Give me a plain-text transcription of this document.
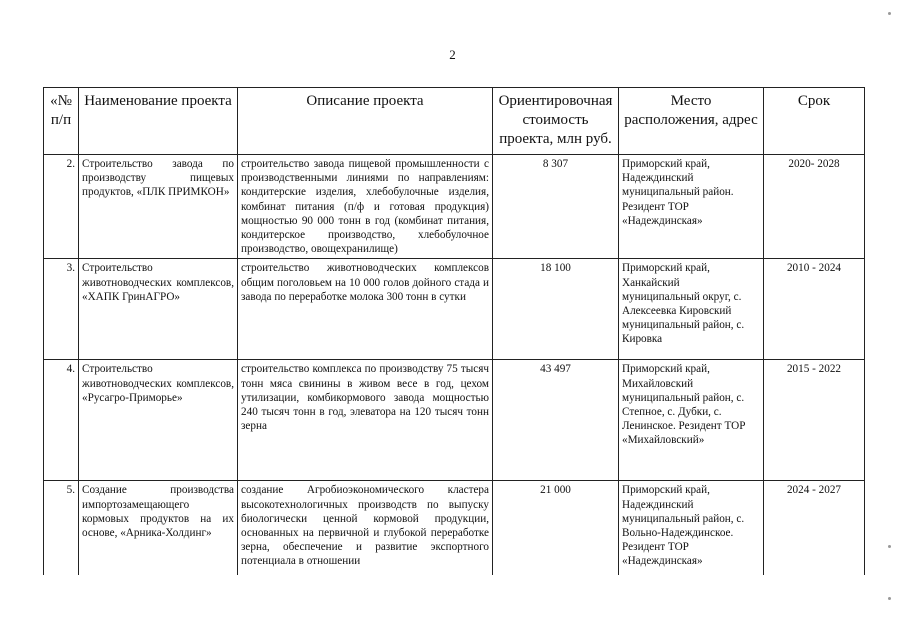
2
«№ п/п	Наименование проекта	Описание проекта	Ориентировочная стоимость проекта, млн руб.	Место расположения, адрес	Срок
2.	Строительство завода по производству пищевых продуктов, «ПЛК ПРИМКОН»	строительство завода пищевой промышленности с производственными линиями по направлениям: кондитерские изделия, хлебобулочные изделия, комбинат питания (п/ф и готовая продукция) мощностью 90 000 тонн в год (комбинат питания, кондитерское производство, хлебобулочное производство, овощехранилище)	8 307	Приморский край, Надеждинский муниципальный район. Резидент ТОР «Надеждинская»	2020- 2028
3.	Строительство животноводческих комплексов, «ХАПК ГринАГРО»	строительство животноводческих комплексов общим поголовьем на 10 000 голов дойного стада и завода по переработке молока 300 тонн в сутки	18 100	Приморский край, Ханкайский муниципальный округ, с. Алексеевка Кировский муниципальный район, с. Кировка	2010 - 2024
4.	Строительство животноводческих комплексов, «Русагро-Приморье»	строительство комплекса по производству 75 тысяч тонн мяса свинины в живом весе в год, цехом утилизации, комбикормового завода мощностью 240 тысяч тонн в год, элеватора на 120 тысяч тонн зерна	43 497	Приморский край, Михайловский муниципальный район, с. Степное, с. Дубки, с. Ленинское. Резидент ТОР «Михайловский»	2015 - 2022
5.	Создание производства импортозамещающего кормовых продуктов на их основе, «Арника-Холдинг»	создание Агробиоэкономического кластера высокотехнологичных производств по выпуску биологически ценной кормовой продукции, основанных на первичной и глубокой переработке зерна, обеспечение и развитие экспортного потенциала в отношении	21 000	Приморский край, Надеждинский муниципальный район, с. Вольно-Надеждинское. Резидент ТОР «Надеждинская»	2024 - 2027
